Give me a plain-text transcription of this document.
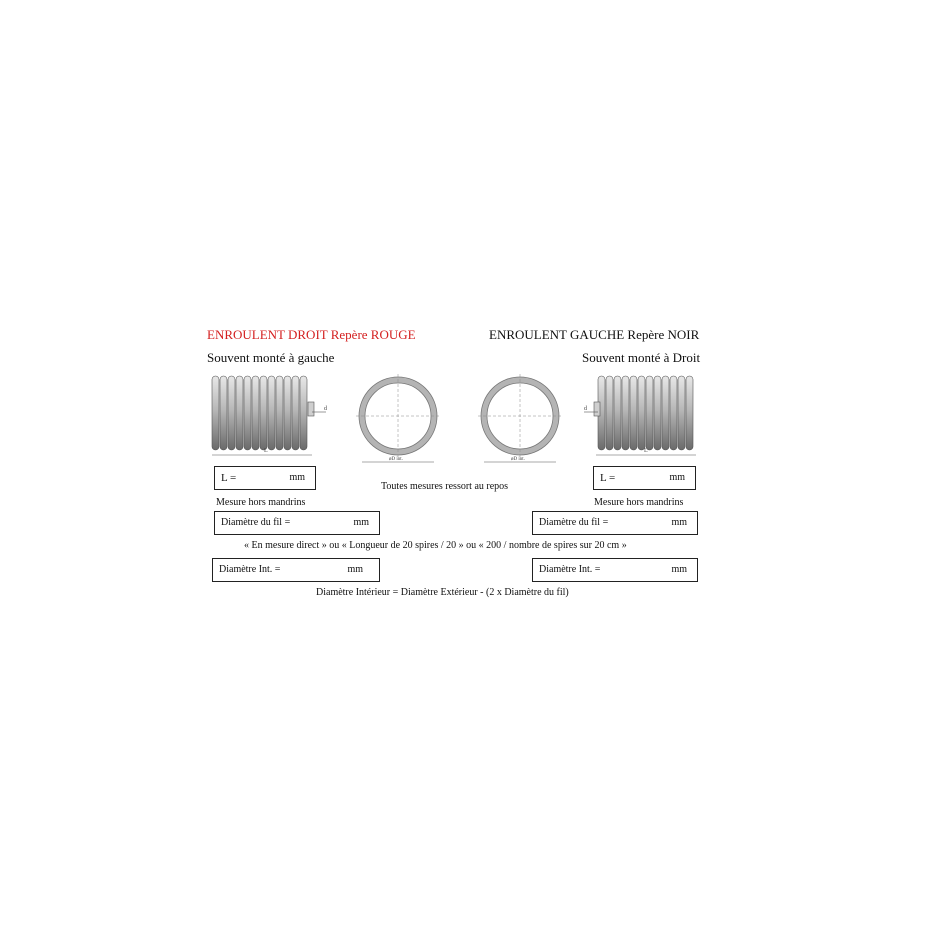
ENROULENT DROIT Repère ROUGE	ENROULENT GAUCHE Repère NOIR
Souvent monté à gauche	Souvent monté à Droit
d
L
d
L
øD int.	øD int.
L =	mm	L =	mm
Toutes mesures ressort au repos
Mesure hors mandrins	Mesure hors mandrins
Diamètre du fil =	mm	Diamètre du fil =	mm
« En mesure direct » ou « Longueur de 20 spires / 20 » ou « 200 / nombre de spires sur 20 cm »
Diamètre Int. =	mm	Diamètre Int. =	mm
Diamètre Intérieur = Diamètre Extérieur - (2 x Diamètre du fil)
